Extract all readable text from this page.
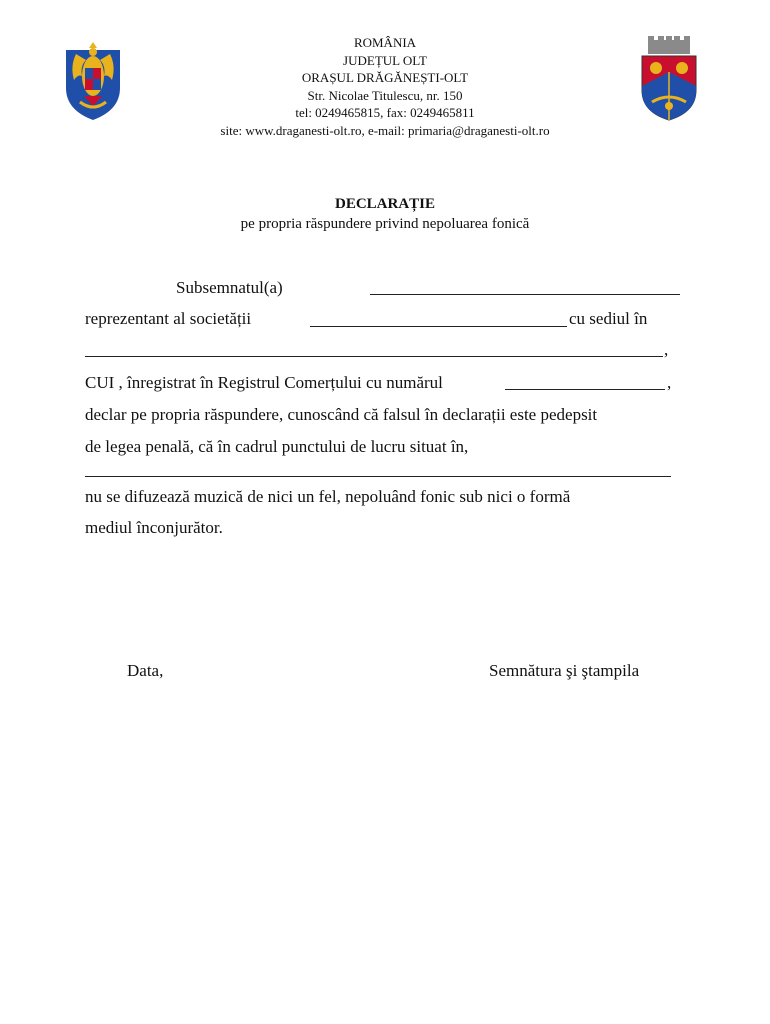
ROMÂNIA
JUDEȚUL OLT
ORAȘUL DRĂGĂNEȘTI-OLT
Str. Nicolae Titulescu, nr. 150
tel: 0249465815, fax: 0249465811
site: www.draganesti-olt.ro, e-mail: primaria@draganesti-olt.ro
DECLARAȚIE
pe propria răspundere privind nepoluarea fonică
Subsemnatul(a)
reprezentant al societății	cu sediul în
,
CUI , înregistrat în Registrul Comerțului cu numărul	,
declar pe propria răspundere, cunoscând că falsul în declarații este pedepsit
de legea penală, că în cadrul punctului de lucru situat în,
nu se difuzează muzică de nici un fel, nepoluând fonic sub nici o formă
mediul înconjurător.
Data,	Semnătura şi ştampila
